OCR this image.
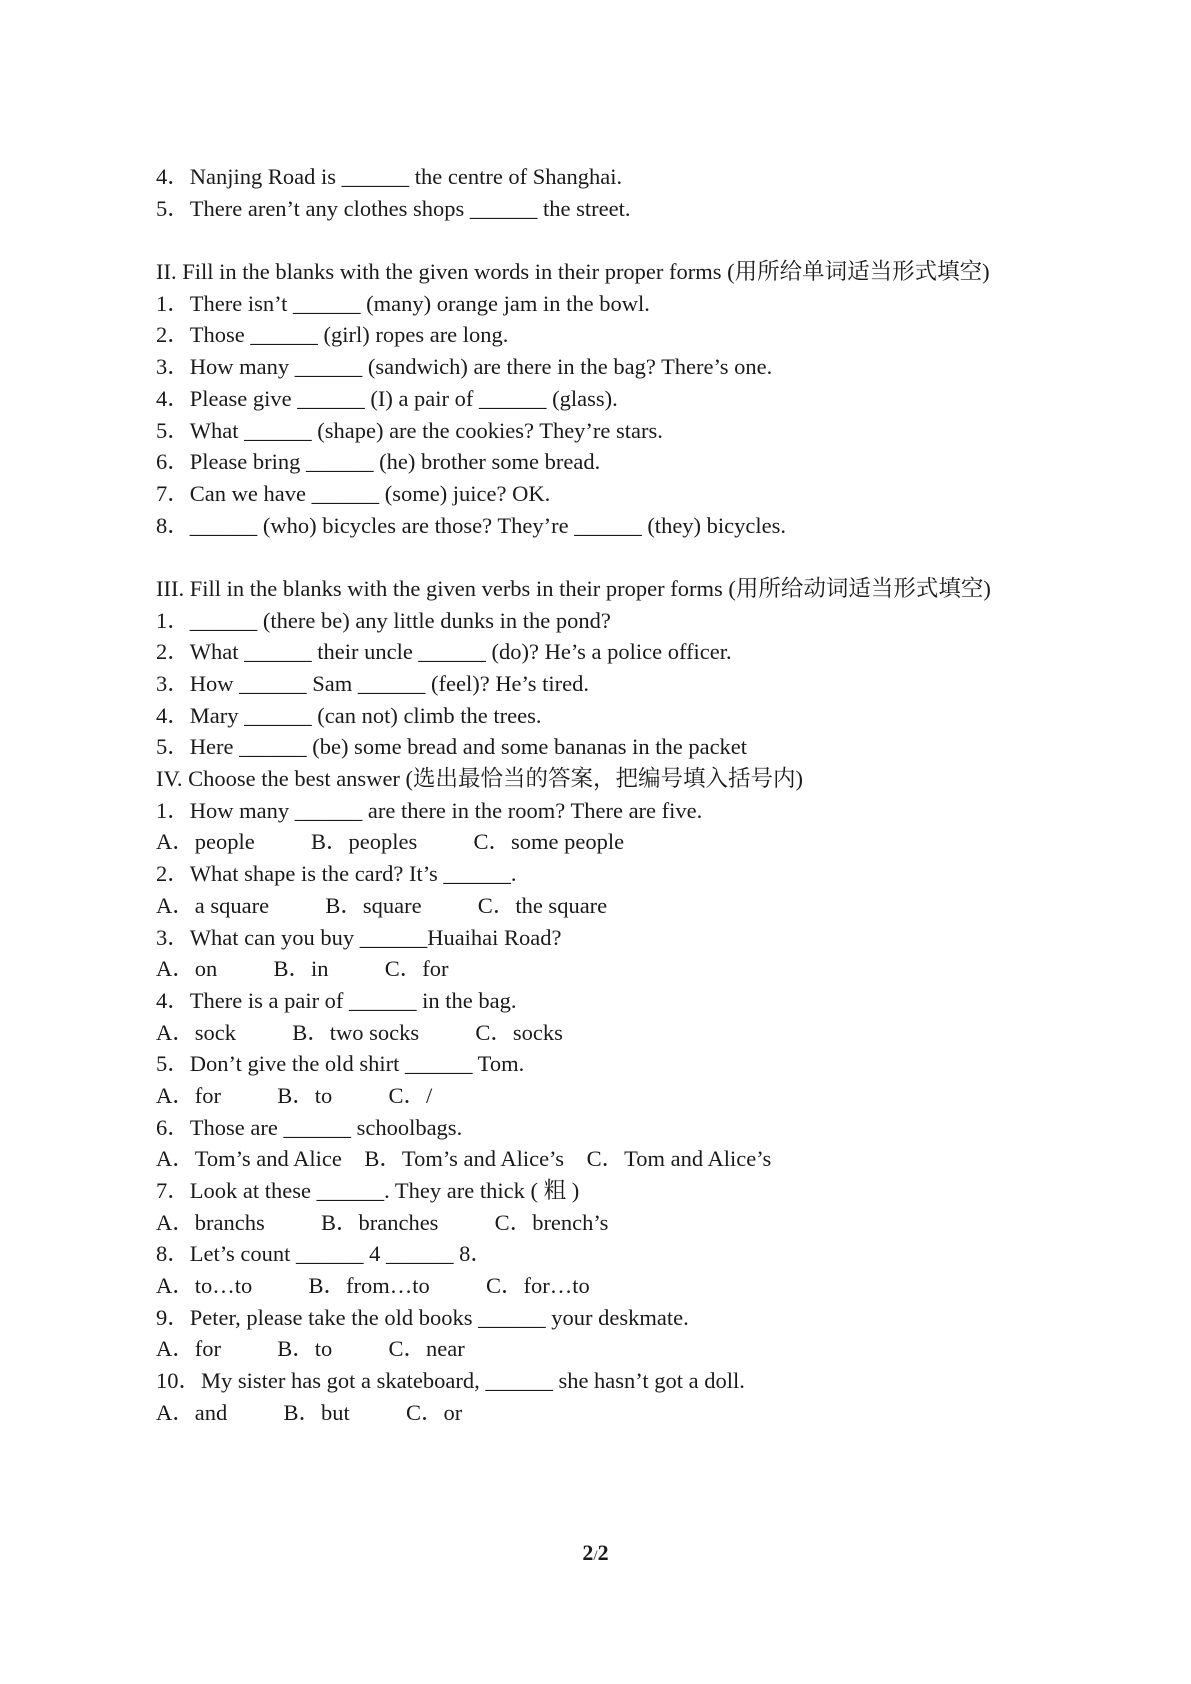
4．Nanjing Road is ______ the centre of Shanghai.
5．There aren’t any clothes shops ______ the street.
II. Fill in the blanks with the given words in their proper forms (用所给单词适当形式填空)
1．There isn’t ______ (many) orange jam in the bowl.
2．Those ______ (girl) ropes are long.
3．How many ______ (sandwich) are there in the bag? There’s one.
4．Please give ______ (I) a pair of ______ (glass).
5．What ______ (shape) are the cookies? They’re stars.
6．Please bring ______ (he) brother some bread.
7．Can we have ______ (some) juice? OK.
8．______ (who) bicycles are those? They’re ______ (they) bicycles.
III. Fill in the blanks with the given verbs in their proper forms (用所给动词适当形式填空)
1．______ (there be) any little dunks in the pond?
2．What ______ their uncle ______ (do)? He’s a police officer.
3．How ______ Sam ______ (feel)? He’s tired.
4．Mary ______ (can not) climb the trees.
5．Here ______ (be) some bread and some bananas in the packet
IV. Choose the best answer (选出最恰当的答案，把编号填入括号内)
1．How many ______ are there in the room? There are five.
A．people          B．peoples          C．some people
2．What shape is the card? It’s ______.
A．a square          B．square          C．the square
3．What can you buy ______Huaihai Road?
A．on          B．in          C．for
4．There is a pair of ______ in the bag.
A．sock          B．two socks          C．socks
5．Don’t give the old shirt ______ Tom.
A．for          B．to          C．/
6．Those are ______ schoolbags.
A．Tom’s and Alice    B．Tom’s and Alice’s    C．Tom and Alice’s
7．Look at these ______. They are thick ( 粗 )
A．branchs          B．branches          C．brench’s
8．Let’s count ______ 4 ______ 8．
A．to…to          B．from…to          C．for…to
9．Peter, please take the old books ______ your deskmate.
A．for          B．to          C．near
10．My sister has got a skateboard, ______ she hasn’t got a doll.
A．and          B．but          C．or
2/2
